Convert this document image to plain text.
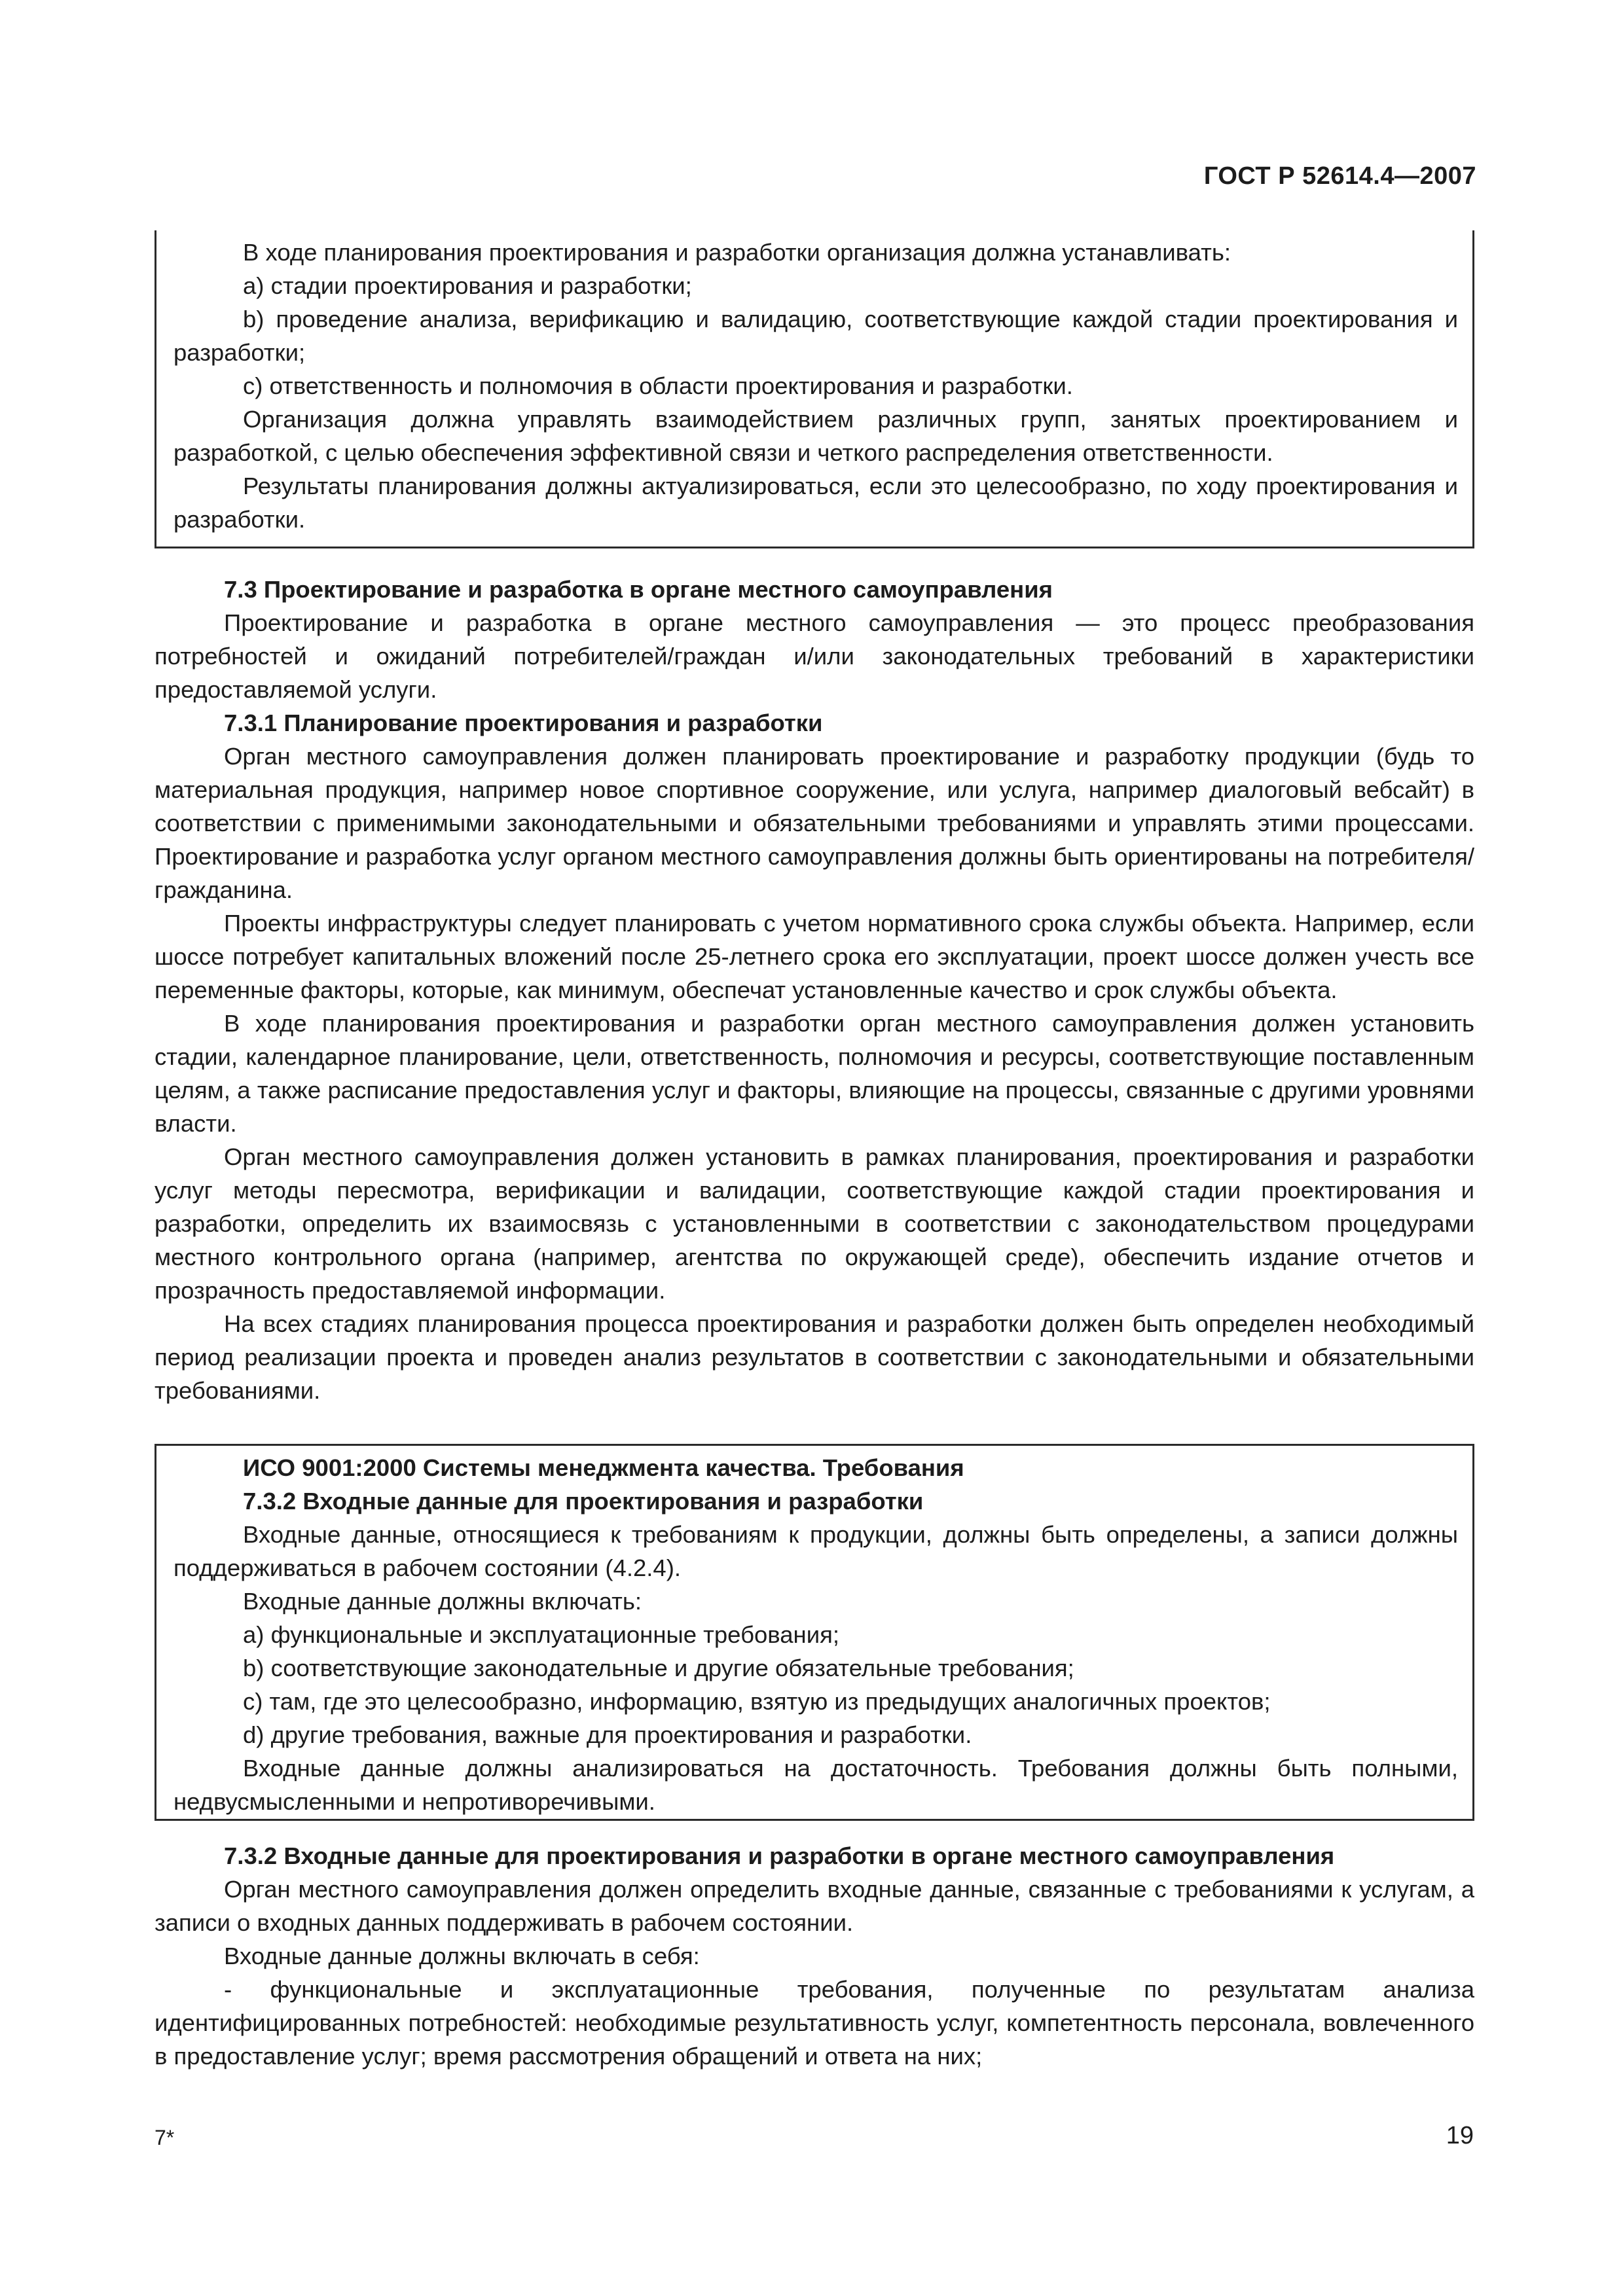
ГОСТ Р 52614.4—2007

В ходе планирования проектирования и разработки организация должна устанавливать:

a) стадии проектирования и разработки;

b) проведение анализа, верификацию и валидацию, соответствующие каждой стадии проектирования и разработки;

c) ответственность и полномочия в области проектирования и разработки.

Организация должна управлять взаимодействием различных групп, занятых проектированием и разработкой, с целью обеспечения эффективной связи и четкого распределения ответственности.

Результаты планирования должны актуализироваться, если это целесообразно, по ходу проектирования и разработки.

7.3 Проектирование и разработка в органе местного самоуправления

Проектирование и разработка в органе местного самоуправления — это процесс преобразования потребностей и ожиданий потребителей/граждан и/или законодательных требований в характеристики предоставляемой услуги.

7.3.1 Планирование проектирования и разработки

Орган местного самоуправления должен планировать проектирование и разработку продукции (будь то материальная продукция, например новое спортивное сооружение, или услуга, например диалоговый вебсайт) в соответствии с применимыми законодательными и обязательными требованиями и управлять этими процессами. Проектирование и разработка услуг органом местного самоуправления должны быть ориентированы на потребителя/гражданина.

Проекты инфраструктуры следует планировать с учетом нормативного срока службы объекта. Например, если шоссе потребует капитальных вложений после 25-летнего срока его эксплуатации, проект шоссе должен учесть все переменные факторы, которые, как минимум, обеспечат установленные качество и срок службы объекта.

В ходе планирования проектирования и разработки орган местного самоуправления должен установить стадии, календарное планирование, цели, ответственность, полномочия и ресурсы, соответствующие поставленным целям, а также расписание предоставления услуг и факторы, влияющие на процессы, связанные с другими уровнями власти.

Орган местного самоуправления должен установить в рамках планирования, проектирования и разработки услуг методы пересмотра, верификации и валидации, соответствующие каждой стадии проектирования и разработки, определить их взаимосвязь с установленными в соответствии с законодательством процедурами местного контрольного органа (например, агентства по окружающей среде), обеспечить издание отчетов и прозрачность предоставляемой информации.

На всех стадиях планирования процесса проектирования и разработки должен быть определен необходимый период реализации проекта и проведен анализ результатов в соответствии с законодательными и обязательными требованиями.

ИСО 9001:2000 Системы менеджмента качества. Требования

7.3.2 Входные данные для проектирования и разработки

Входные данные, относящиеся к требованиям к продукции, должны быть определены, а записи должны поддерживаться в рабочем состоянии (4.2.4).

Входные данные должны включать:

a) функциональные и эксплуатационные требования;

b) соответствующие законодательные и другие обязательные требования;

c) там, где это целесообразно, информацию, взятую из предыдущих аналогичных проектов;

d) другие требования, важные для проектирования и разработки.

Входные данные должны анализироваться на достаточность. Требования должны быть полными, недвусмысленными и непротиворечивыми.

7.3.2 Входные данные для проектирования и разработки в органе местного самоуправления

Орган местного самоуправления должен определить входные данные, связанные с требованиями к услугам, а записи о входных данных поддерживать в рабочем состоянии.

Входные данные должны включать в себя:

- функциональные и эксплуатационные требования, полученные по результатам анализа идентифицированных потребностей: необходимые результативность услуг, компетентность персонала, вовлеченного в предоставление услуг; время рассмотрения обращений и ответа на них;

7*	19
